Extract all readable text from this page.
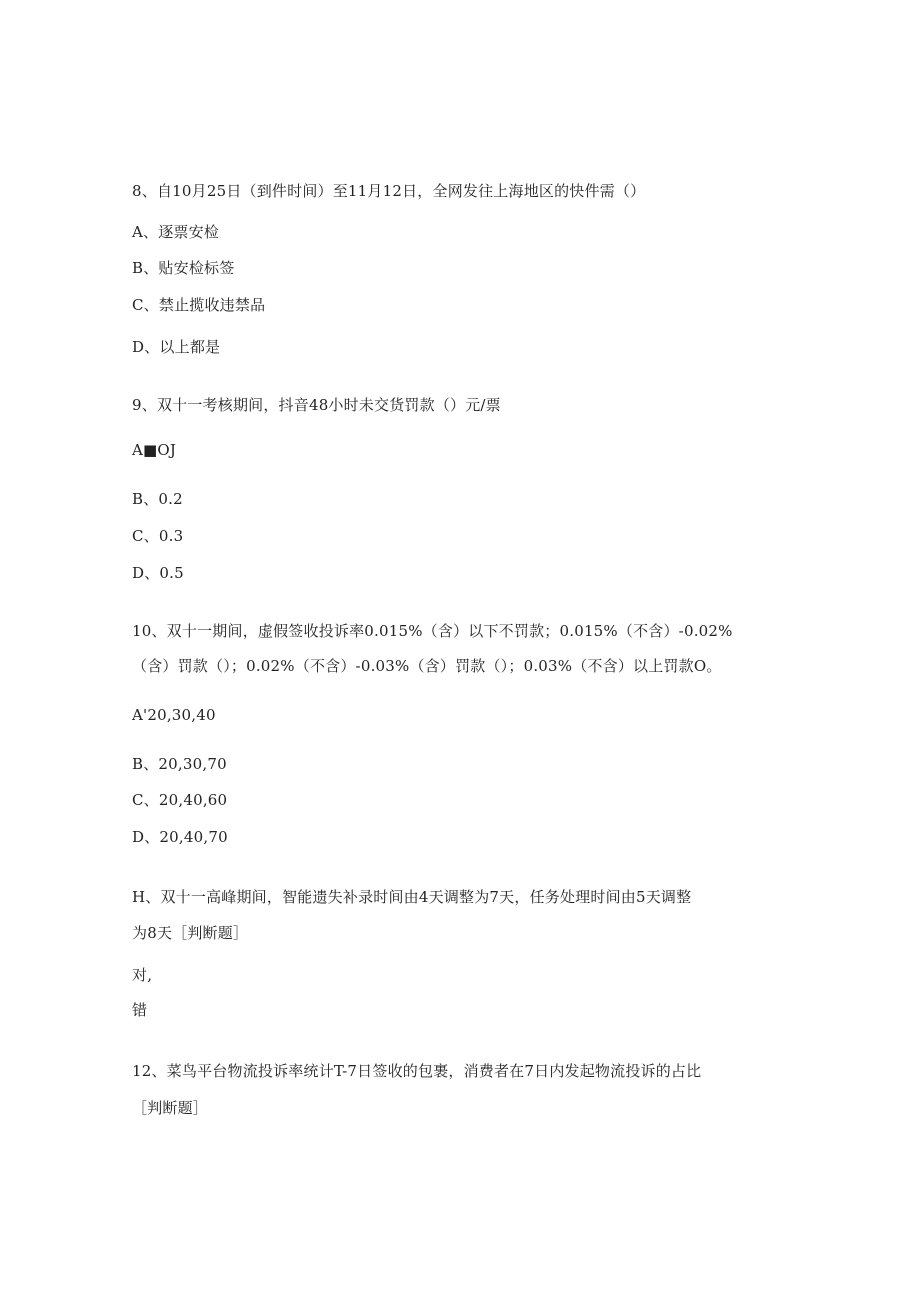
8、自10月25日（到件时间）至11月12日，全网发往上海地区的快件需（）
A、逐票安检
B、贴安检标签
C、禁止揽收违禁品
D、以上都是
9、双十一考核期间，抖音48小时未交货罚款（）元/票
A■OJ
B、0.2
C、0.3
D、0.5
10、双十一期间，虚假签收投诉率0.015%（含）以下不罚款；0.015%（不含）-0.02%
（含）罚款（）；0.02%（不含）-0.03%（含）罚款（）；0.03%（不含）以上罚款O。
A'20,30,40
B、20,30,70
C、20,40,60
D、20,40,70
H、双十一高峰期间，智能遗失补录时间由4天调整为7天，任务处理时间由5天调整
为8天［判断题］
对,
错
12、菜鸟平台物流投诉率统计T-7日签收的包裹，消费者在7日内发起物流投诉的占比
［判断题］
